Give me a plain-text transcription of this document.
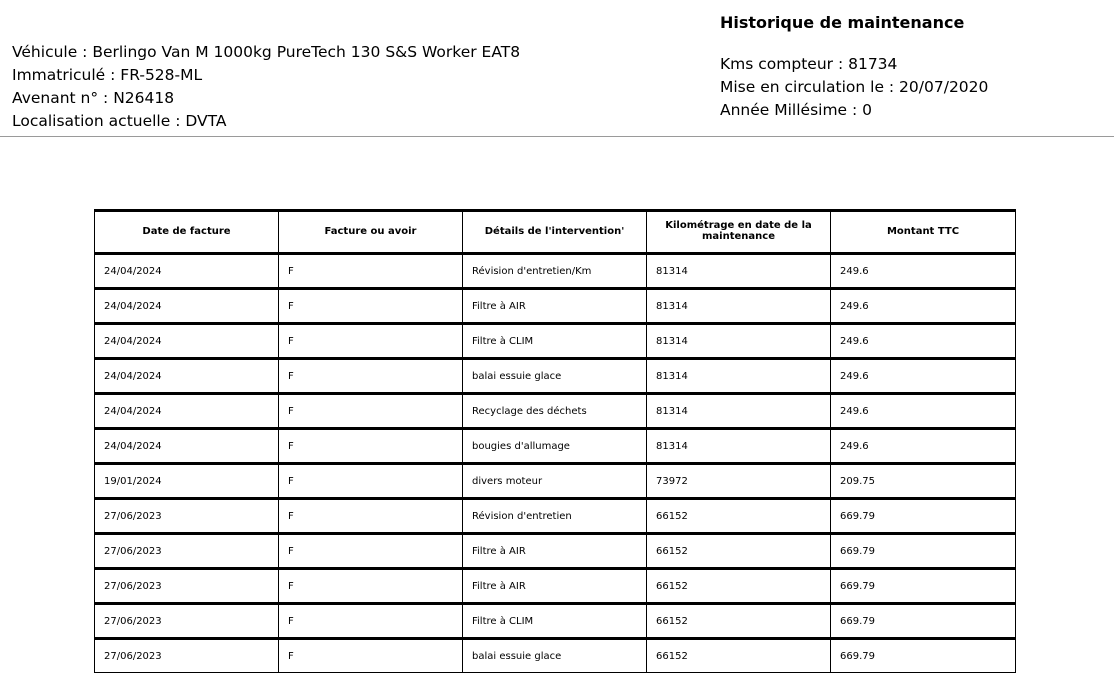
Historique de maintenance
Véhicule : Berlingo Van M 1000kg PureTech 130 S&S Worker EAT8
Immatriculé : FR-528-ML
Avenant n° : N26418
Localisation actuelle : DVTA
Kms compteur : 81734
Mise en circulation le : 20/07/2020
Année Millésime : 0
Date de facture	Facture ou avoir	Détails de l'intervention'	Kilométrage en date de la maintenance	Montant TTC
24/04/2024	F	Révision d'entretien/Km	81314	249.6
24/04/2024	F	Filtre à AIR	81314	249.6
24/04/2024	F	Filtre à CLIM	81314	249.6
24/04/2024	F	balai essuie glace	81314	249.6
24/04/2024	F	Recyclage des déchets	81314	249.6
24/04/2024	F	bougies d'allumage	81314	249.6
19/01/2024	F	divers moteur	73972	209.75
27/06/2023	F	Révision d'entretien	66152	669.79
27/06/2023	F	Filtre à AIR	66152	669.79
27/06/2023	F	Filtre à AIR	66152	669.79
27/06/2023	F	Filtre à CLIM	66152	669.79
27/06/2023	F	balai essuie glace	66152	669.79
